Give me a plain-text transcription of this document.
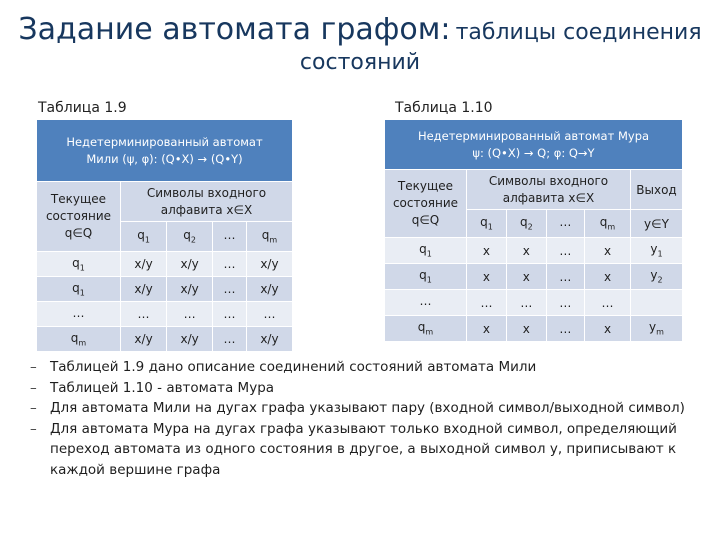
Задание автомата графом: таблицы соединения
состояний
Таблица 1.9	Таблица 1.10
Недетерминированный автомат
Мили (ψ, φ): (Q•X) → (Q•Y)				
Текущее состояние q∈Q	Символы входного алфавита x∈X			
	$q_1$	$q_2$	…	$q_m$
$q_1$	x/y	x/y	…	x/y
$q_1$	x/y	x/y	…	x/y
…	…	…	…	…
$q_m$	x/y	x/y	…	x/y
Недетерминированный автомат Мура
ψ: (Q•X) → Q; φ: Q→Y					
Текущее состояние q∈Q	Символы входного алфавита x∈X				Выход
	$q_1$	$q_2$	…	$q_m$	y∈Y
$q_1$	x	x	…	x	$y_1$
$q_1$	x	x	…	x	$y_2$
…	…	…	…	…	
$q_m$	x	x	…	x	$y_m$
– Таблицей 1.9 дано описание соединений состояний автомата Мили
– Таблицей 1.10 - автомата Мура
– Для автомата Мили на дугах графа указывают пару (входной символ/выходной символ)
– Для автомата Мура на дугах графа указывают только входной символ, определяющий переход автомата из одного состояния в другое, а выходной символ y, приписывают к каждой вершине графа
